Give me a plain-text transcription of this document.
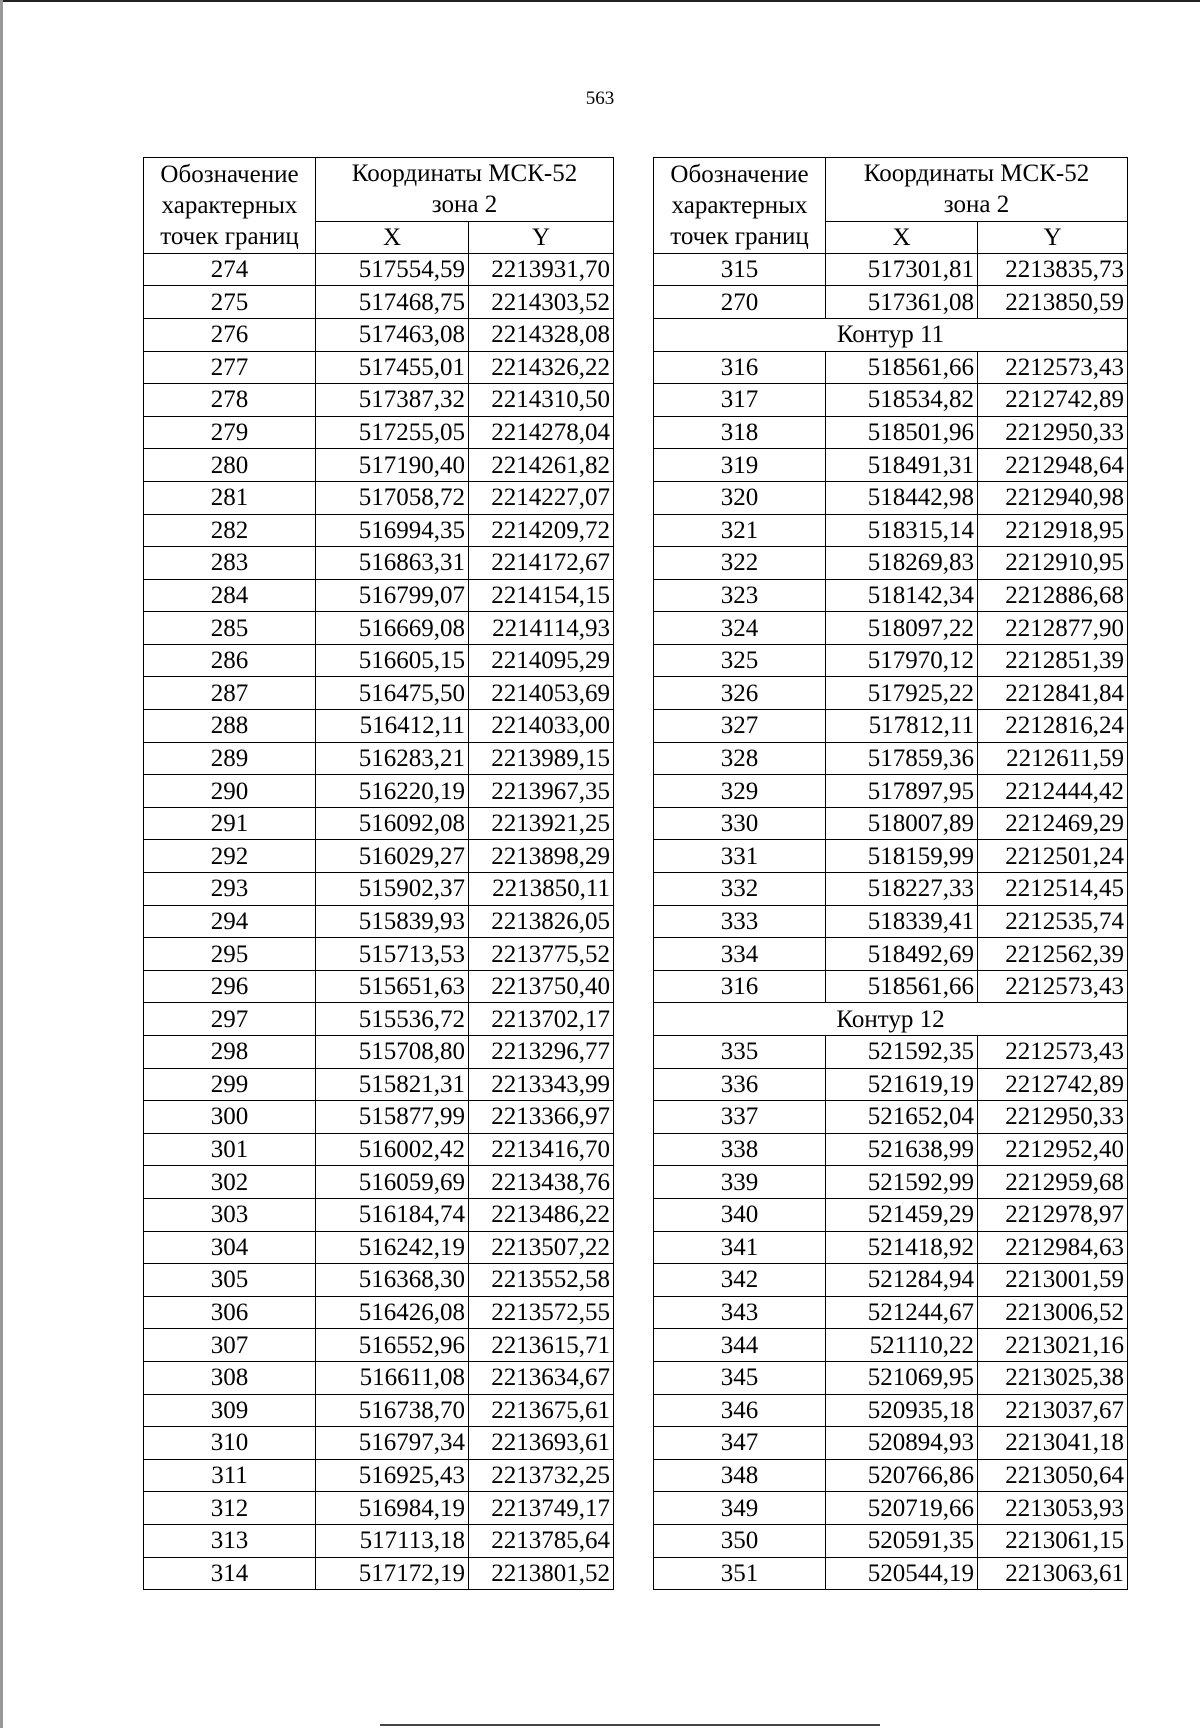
563
Обозначение
характерных
точек границ	Координаты МСК-52
зона 2	
	X	Y
274	517554,59	2213931,70
275	517468,75	2214303,52
276	517463,08	2214328,08
277	517455,01	2214326,22
278	517387,32	2214310,50
279	517255,05	2214278,04
280	517190,40	2214261,82
281	517058,72	2214227,07
282	516994,35	2214209,72
283	516863,31	2214172,67
284	516799,07	2214154,15
285	516669,08	2214114,93
286	516605,15	2214095,29
287	516475,50	2214053,69
288	516412,11	2214033,00
289	516283,21	2213989,15
290	516220,19	2213967,35
291	516092,08	2213921,25
292	516029,27	2213898,29
293	515902,37	2213850,11
294	515839,93	2213826,05
295	515713,53	2213775,52
296	515651,63	2213750,40
297	515536,72	2213702,17
298	515708,80	2213296,77
299	515821,31	2213343,99
300	515877,99	2213366,97
301	516002,42	2213416,70
302	516059,69	2213438,76
303	516184,74	2213486,22
304	516242,19	2213507,22
305	516368,30	2213552,58
306	516426,08	2213572,55
307	516552,96	2213615,71
308	516611,08	2213634,67
309	516738,70	2213675,61
310	516797,34	2213693,61
311	516925,43	2213732,25
312	516984,19	2213749,17
313	517113,18	2213785,64
314	517172,19	2213801,52
Обозначение
характерных
точек границ	Координаты МСК-52
зона 2	
	X	Y
315	517301,81	2213835,73
270	517361,08	2213850,59
Контур 11		
316	518561,66	2212573,43
317	518534,82	2212742,89
318	518501,96	2212950,33
319	518491,31	2212948,64
320	518442,98	2212940,98
321	518315,14	2212918,95
322	518269,83	2212910,95
323	518142,34	2212886,68
324	518097,22	2212877,90
325	517970,12	2212851,39
326	517925,22	2212841,84
327	517812,11	2212816,24
328	517859,36	2212611,59
329	517897,95	2212444,42
330	518007,89	2212469,29
331	518159,99	2212501,24
332	518227,33	2212514,45
333	518339,41	2212535,74
334	518492,69	2212562,39
316	518561,66	2212573,43
Контур 12		
335	521592,35	2212573,43
336	521619,19	2212742,89
337	521652,04	2212950,33
338	521638,99	2212952,40
339	521592,99	2212959,68
340	521459,29	2212978,97
341	521418,92	2212984,63
342	521284,94	2213001,59
343	521244,67	2213006,52
344	521110,22	2213021,16
345	521069,95	2213025,38
346	520935,18	2213037,67
347	520894,93	2213041,18
348	520766,86	2213050,64
349	520719,66	2213053,93
350	520591,35	2213061,15
351	520544,19	2213063,61
